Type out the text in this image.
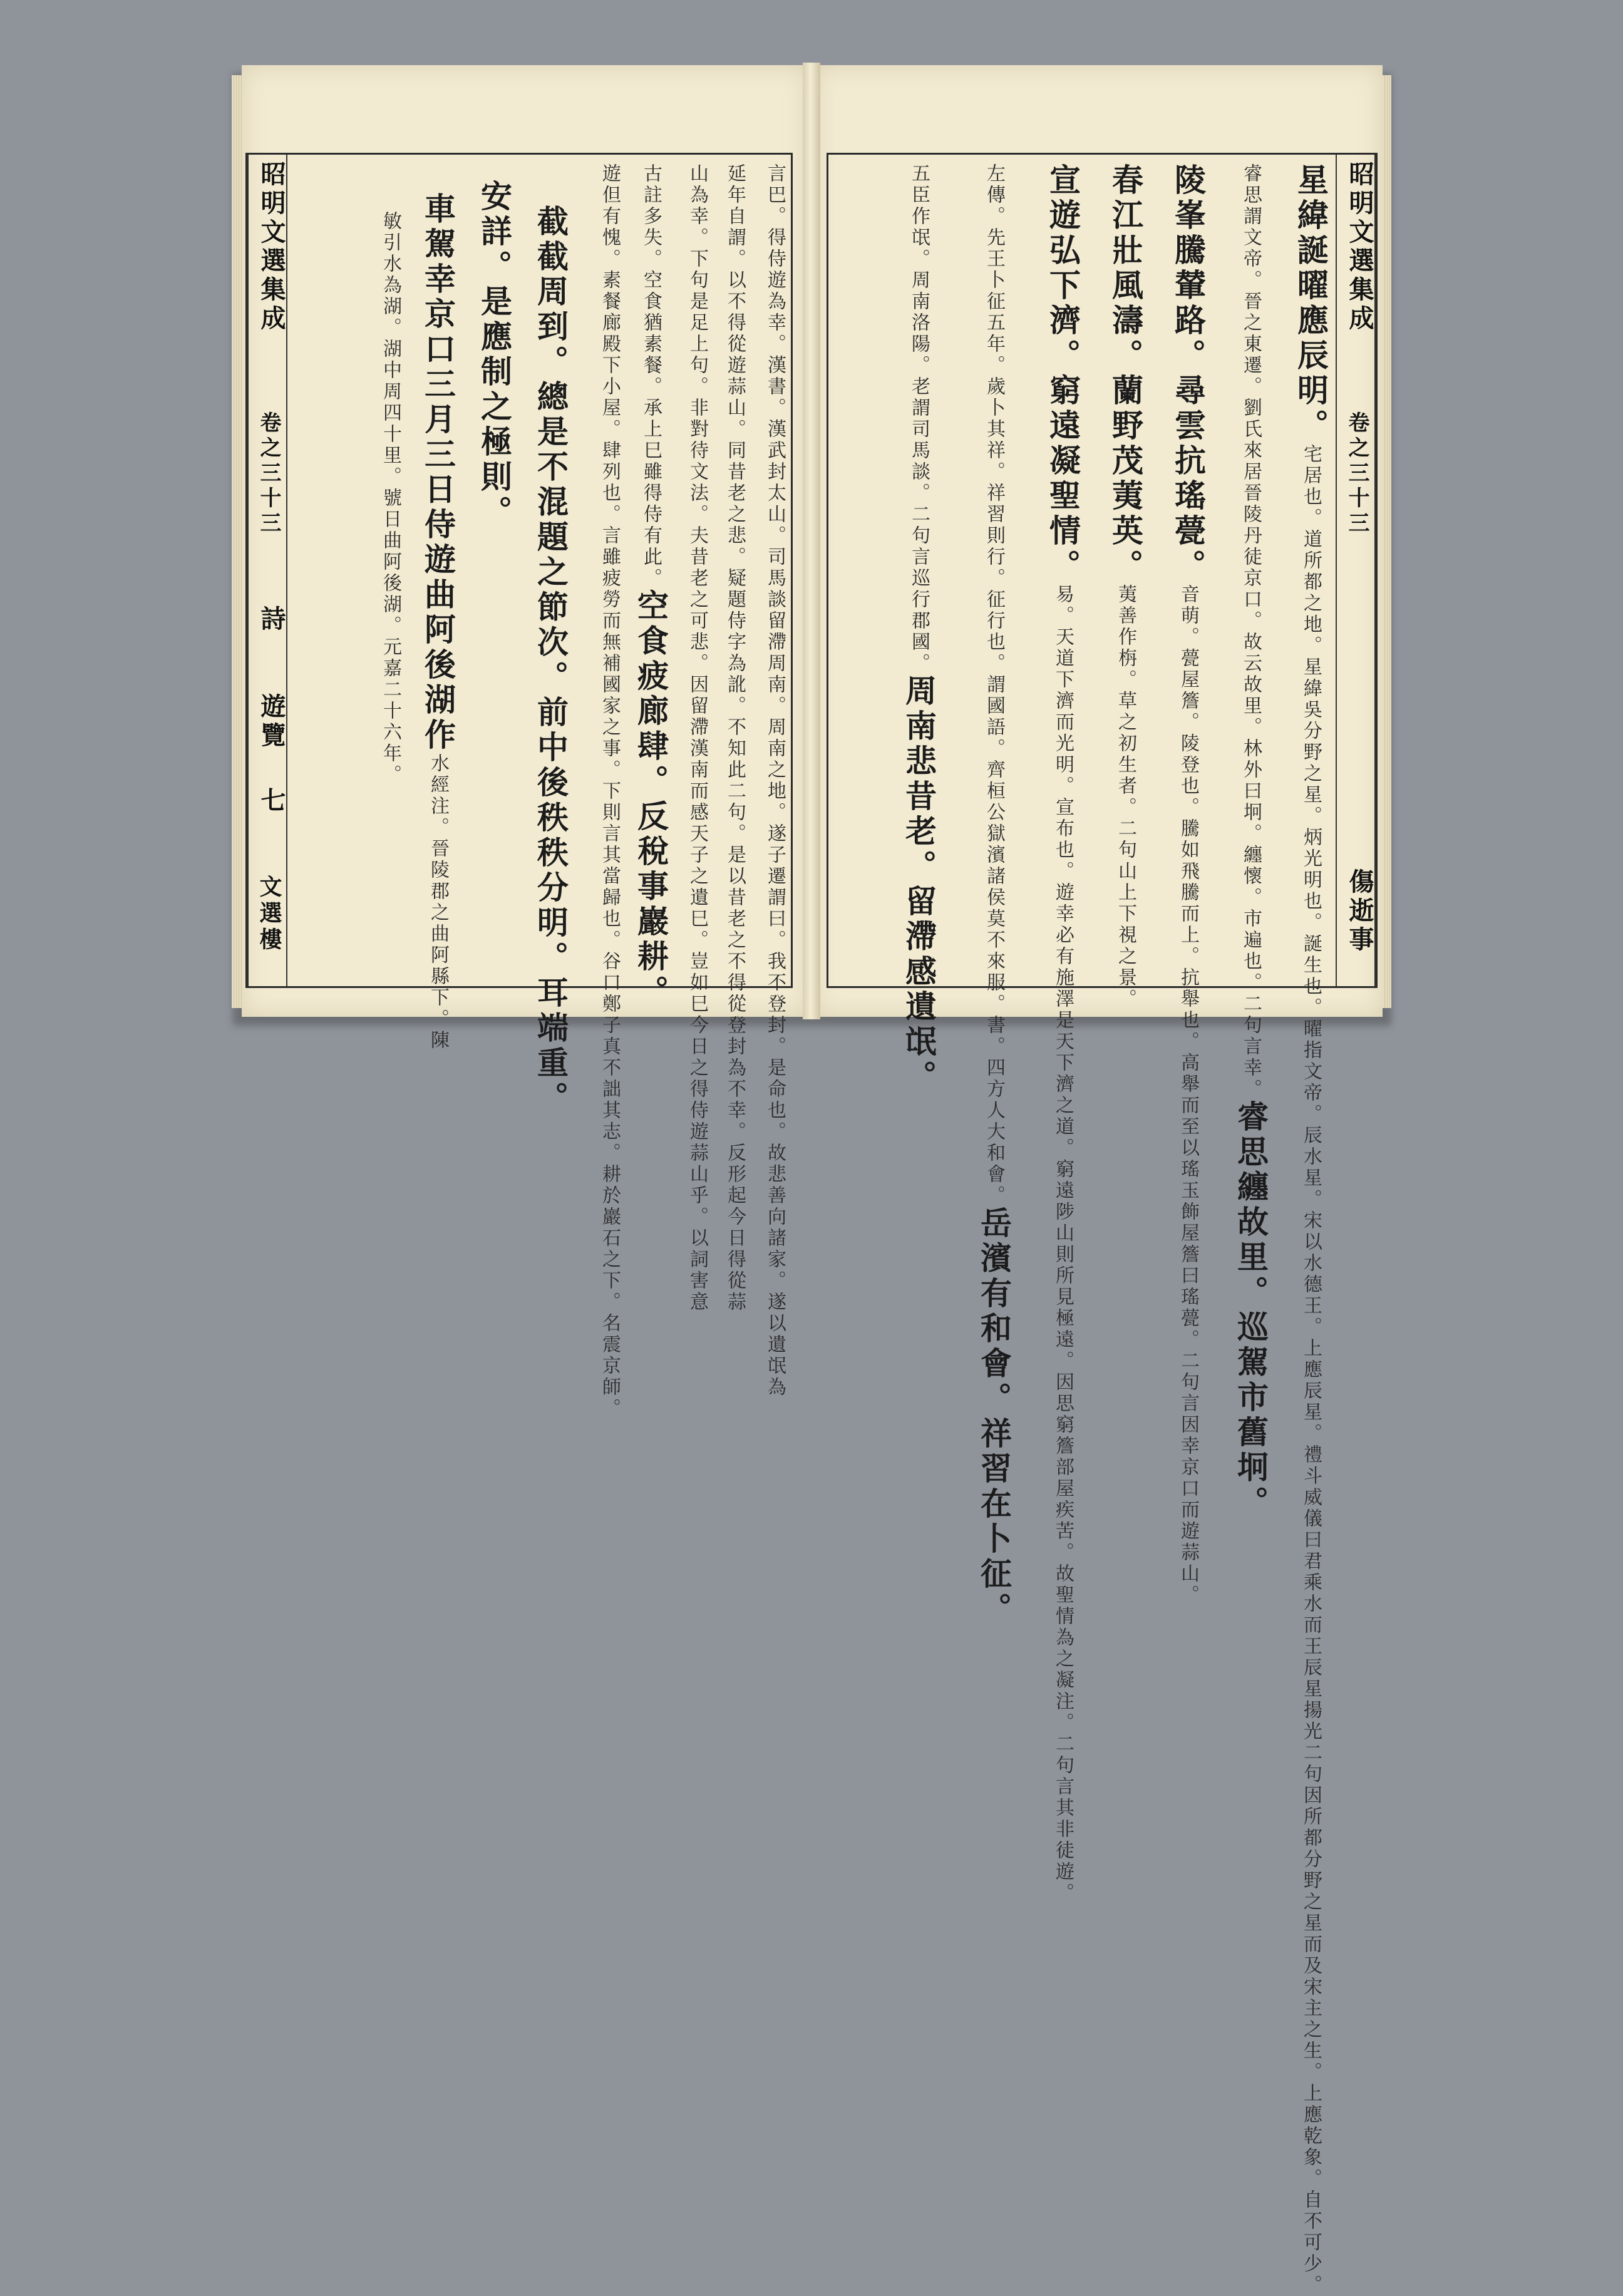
昭明文選集成
卷之三十三
詩
遊覽
七
文選樓	言巴。得侍遊為幸。漢書。漢武封太山。司馬談留滯周南。周南之地。遂子遷謂曰。我不登封。是命也。故悲善向諸家。遂以遺氓為
延年自謂。以不得從遊蒜山。同昔老之悲。疑題侍字為訛。不知此二句。是以昔老之不得從登封為不幸。反形起今日得從蒜
山為幸。下句是足上句。非對待文法。夫昔老之可悲。因留滯漢南而感天子之遺巳。豈如巳今日之得侍遊蒜山乎。以詞害意
古註多失。空食猶素餐。承上巳雖得侍有此。空食疲廊肆。反稅事巖耕。
遊但有愧。素餐廊殿下小屋。肆列也。言雖疲勞而無補國家之事。下則言其當歸也。谷口鄭子真不詘其志。耕於巖石之下。名震京師。
截截周到。總是不混題之節次。前中後秩秩分明。耳端重。
安詳。是應制之極則。
車駕幸京口三月三日侍遊曲阿後湖作水經注。晉陵郡之曲阿縣下。陳
敏引水為湖。湖中周四十里。號日曲阿後湖。元嘉二十六年。	昭明文選集成
卷之三十三
傷逝事
星緯誕曜應辰明。宅居也。道所都之地。星緯吳分野之星。炳光明也。誕生也。曜指文帝。辰水星。宋以水德王。上應辰星。禮斗威儀曰君乘水而王辰星揚光二句因所都分野之星而及宋主之生。上應乾象。自不可少。
睿思謂文帝。晉之東遷。劉氏來居晉陵丹徒京口。故云故里。林外曰坰。纏懷。市遍也。二句言幸。睿思纏故里。巡駕市舊坰。
陵峯騰輦路。尋雲抗瑤甍。音萌。甍屋簷。陵登也。騰如飛騰而上。抗舉也。高舉而至以瑤玉飾屋簷曰瑤甍。二句言因幸京口而遊蒜山。
春江壯風濤。蘭野茂荑英。荑善作栴。草之初生者。二句山上下視之景。
宣遊弘下濟。窮遠凝聖情。易。天道下濟而光明。宣布也。遊幸必有施澤是天下濟之道。窮遠陟山則所見極遠。因思窮簷部屋疾苦。故聖情為之凝注。二句言其非徒遊。
左傳。先王卜征五年。歲卜其祥。祥習則行。征行也。謂國語。齊桓公獄濱諸侯莫不來服。書。四方人大和會。岳濱有和會。祥習在卜征。
五臣作氓。周南洛陽。老謂司馬談。二句言巡行郡國。周南悲昔老。留滯感遺氓。
